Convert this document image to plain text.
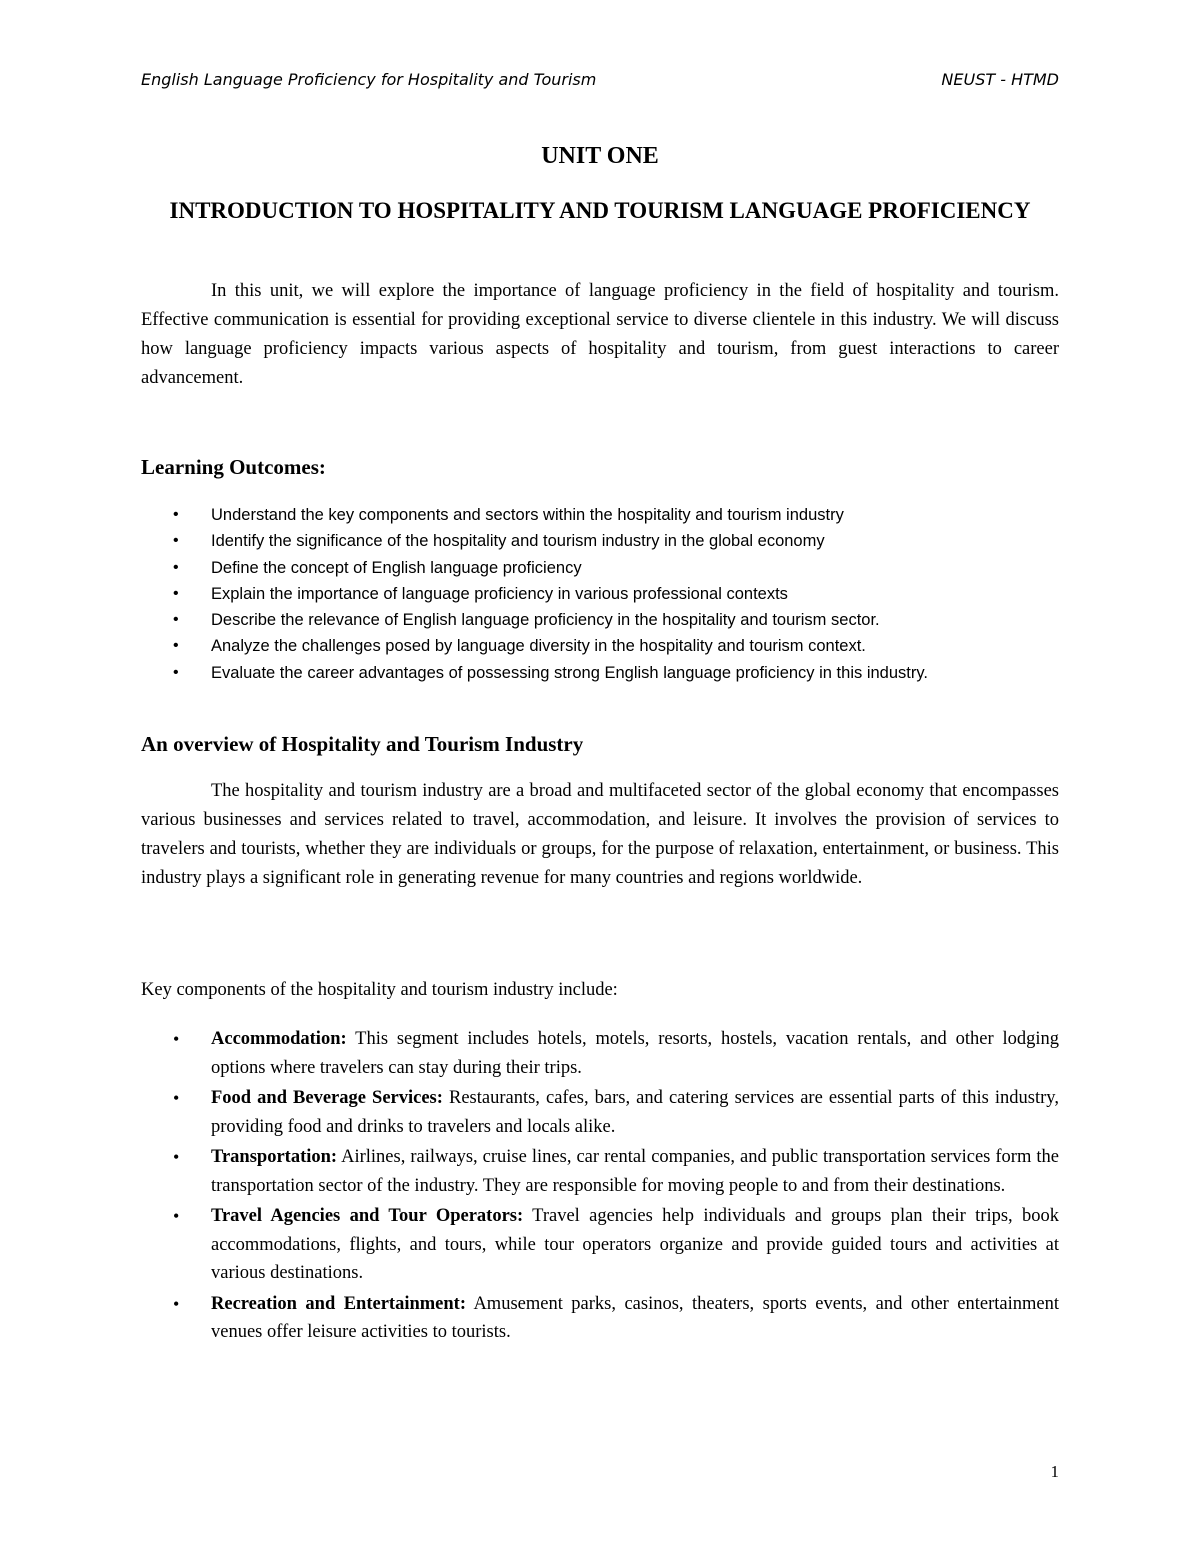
English Language Proficiency for Hospitality and Tourism	NEUST - HTMD
UNIT ONE
INTRODUCTION TO HOSPITALITY AND TOURISM LANGUAGE PROFICIENCY

In this unit, we will explore the importance of language proficiency in the field of hospitality and tourism. Effective communication is essential for providing exceptional service to diverse clientele in this industry. We will discuss how language proficiency impacts various aspects of hospitality and tourism, from guest interactions to career advancement.

Learning Outcomes:
• Understand the key components and sectors within the hospitality and tourism industry
• Identify the significance of the hospitality and tourism industry in the global economy
• Define the concept of English language proficiency
• Explain the importance of language proficiency in various professional contexts
• Describe the relevance of English language proficiency in the hospitality and tourism sector.
• Analyze the challenges posed by language diversity in the hospitality and tourism context.
• Evaluate the career advantages of possessing strong English language proficiency in this industry.
An overview of Hospitality and Tourism Industry

The hospitality and tourism industry are a broad and multifaceted sector of the global economy that encompasses various businesses and services related to travel, accommodation, and leisure. It involves the provision of services to travelers and tourists, whether they are individuals or groups, for the purpose of relaxation, entertainment, or business. This industry plays a significant role in generating revenue for many countries and regions worldwide.

Key components of the hospitality and tourism industry include:

• Accommodation: This segment includes hotels, motels, resorts, hostels, vacation rentals, and other lodging options where travelers can stay during their trips.
• Food and Beverage Services: Restaurants, cafes, bars, and catering services are essential parts of this industry, providing food and drinks to travelers and locals alike.
• Transportation: Airlines, railways, cruise lines, car rental companies, and public transportation services form the transportation sector of the industry. They are responsible for moving people to and from their destinations.
• Travel Agencies and Tour Operators: Travel agencies help individuals and groups plan their trips, book accommodations, flights, and tours, while tour operators organize and provide guided tours and activities at various destinations.
• Recreation and Entertainment: Amusement parks, casinos, theaters, sports events, and other entertainment venues offer leisure activities to tourists.
1
